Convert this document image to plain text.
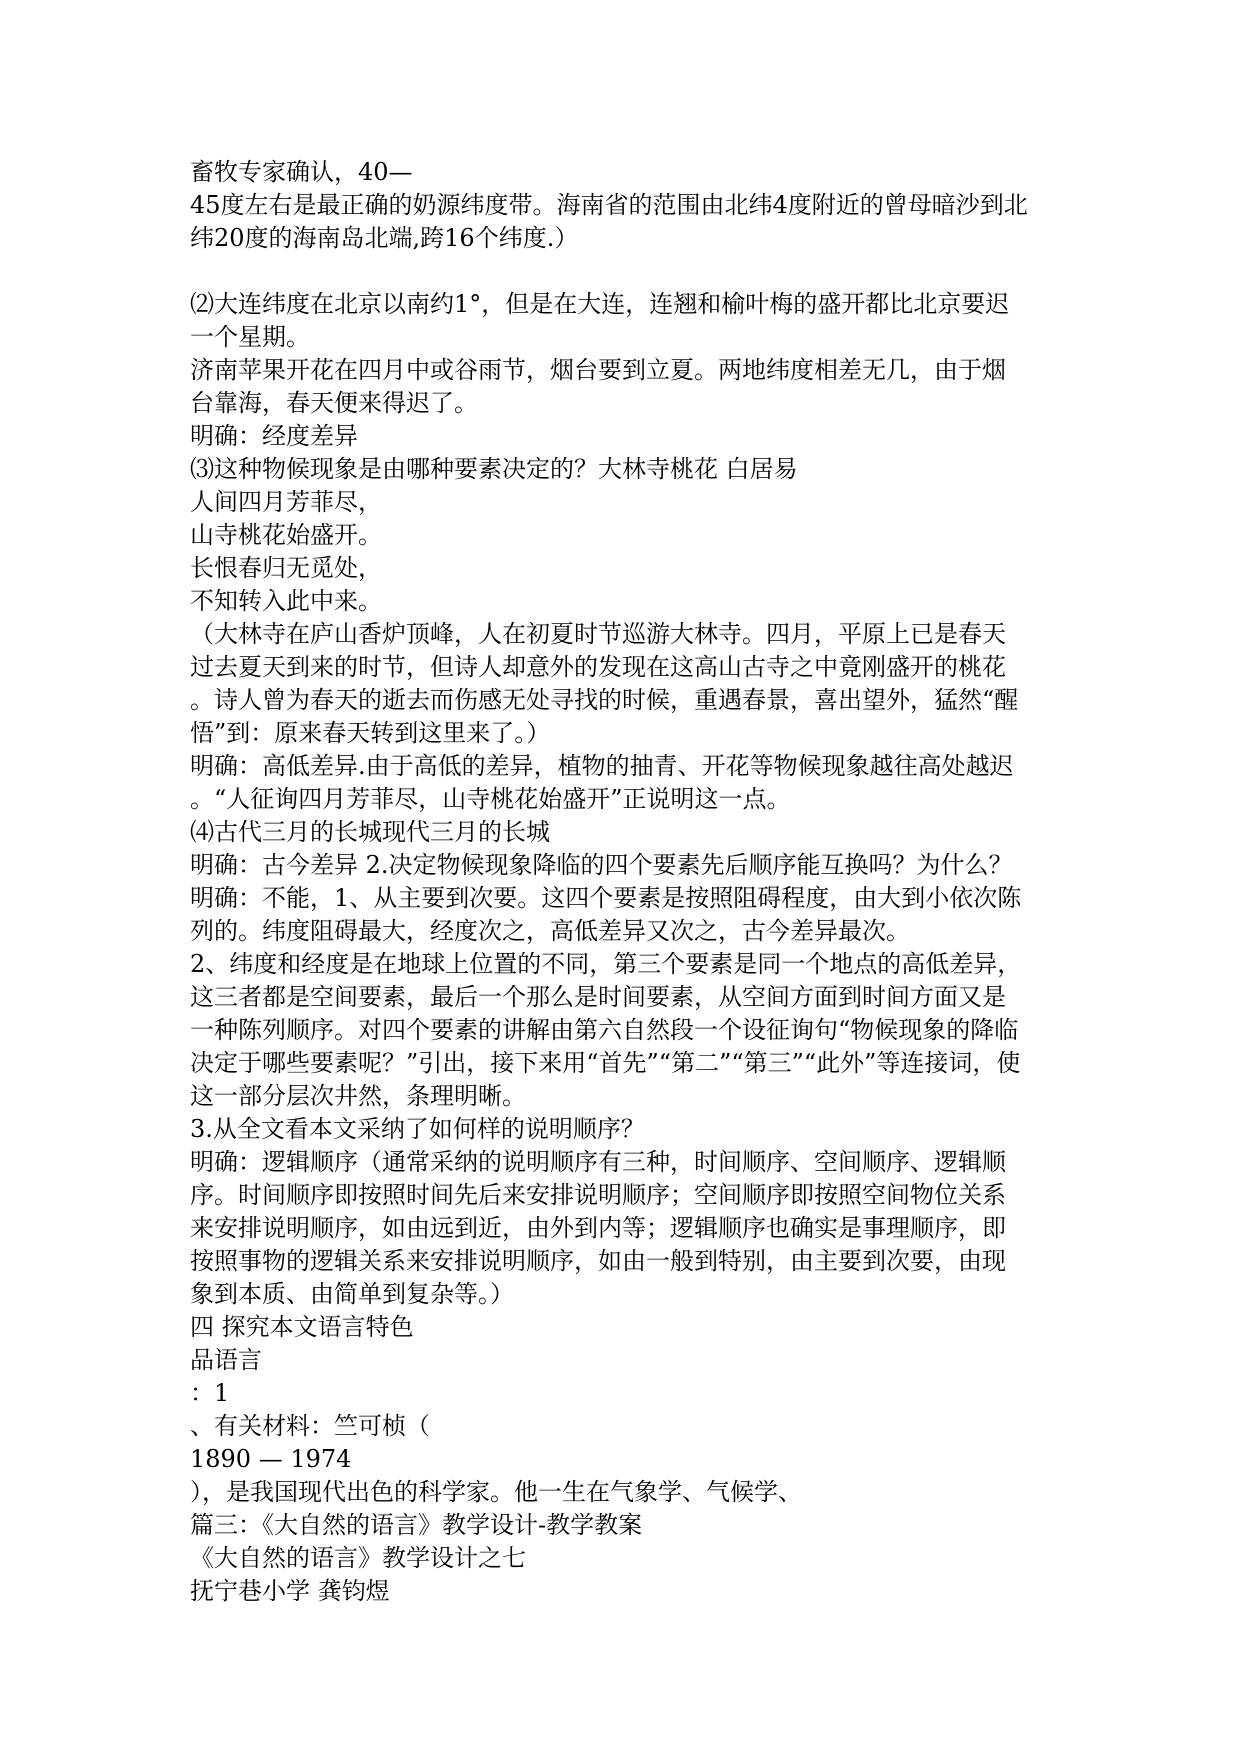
畜牧专家确认，40—
45度左右是最正确的奶源纬度带。海南省的范围由北纬4度附近的曾母暗沙到北
纬20度的海南岛北端,跨16个纬度.）
⑵大连纬度在北京以南约1°，但是在大连，连翘和榆叶梅的盛开都比北京要迟
一个星期。
济南苹果开花在四月中或谷雨节，烟台要到立夏。两地纬度相差无几，由于烟
台靠海，春天便来得迟了。
明确：经度差异
⑶这种物候现象是由哪种要素决定的？大林寺桃花 白居易
人间四月芳菲尽，
山寺桃花始盛开。
长恨春归无觅处，
不知转入此中来。
（大林寺在庐山香炉顶峰，人在初夏时节巡游大林寺。四月，平原上已是春天
过去夏天到来的时节，但诗人却意外的发现在这高山古寺之中竟刚盛开的桃花
。诗人曾为春天的逝去而伤感无处寻找的时候，重遇春景，喜出望外，猛然“醒
悟”到：原来春天转到这里来了。）
明确：高低差异.由于高低的差异，植物的抽青、开花等物候现象越往高处越迟
。“人征询四月芳菲尽，山寺桃花始盛开”正说明这一点。
⑷古代三月的长城现代三月的长城
明确：古今差异 2.决定物候现象降临的四个要素先后顺序能互换吗？为什么？
明确：不能，1、从主要到次要。这四个要素是按照阻碍程度，由大到小依次陈
列的。纬度阻碍最大，经度次之，高低差异又次之，古今差异最次。
2、纬度和经度是在地球上位置的不同，第三个要素是同一个地点的高低差异，
这三者都是空间要素，最后一个那么是时间要素，从空间方面到时间方面又是
一种陈列顺序。对四个要素的讲解由第六自然段一个设征询句“物候现象的降临
决定于哪些要素呢？”引出，接下来用“首先”“第二”“第三”“此外”等连接词，使
这一部分层次井然，条理明晰。
3.从全文看本文采纳了如何样的说明顺序？
明确：逻辑顺序（通常采纳的说明顺序有三种，时间顺序、空间顺序、逻辑顺
序。时间顺序即按照时间先后来安排说明顺序；空间顺序即按照空间物位关系
来安排说明顺序，如由远到近，由外到内等；逻辑顺序也确实是事理顺序，即
按照事物的逻辑关系来安排说明顺序，如由一般到特别，由主要到次要，由现
象到本质、由简单到复杂等。）
四 探究本文语言特色
品语言
：1
、有关材料：竺可桢（
1890 — 1974
），是我国现代出色的科学家。他一生在气象学、气候学、
篇三：《大自然的语言》教学设计-教学教案
《大自然的语言》教学设计之七
抚宁巷小学 龚钧煜
